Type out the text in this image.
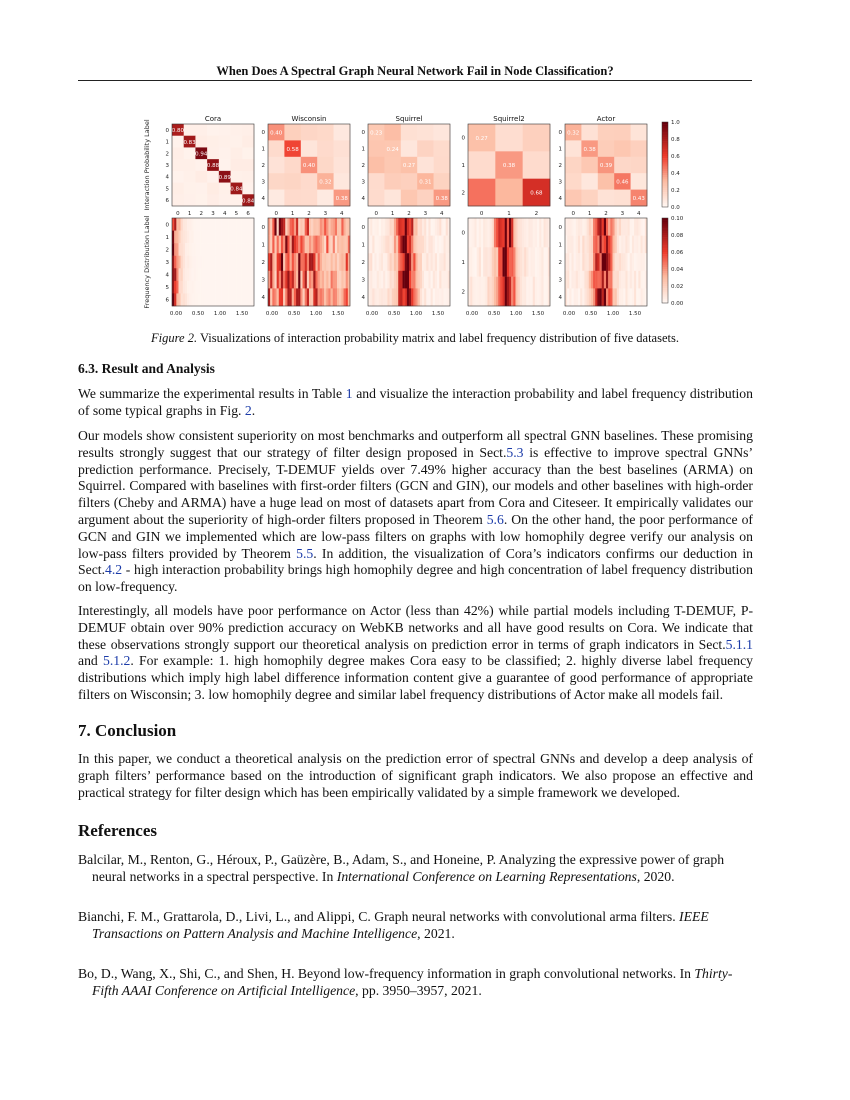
When Does A Spectral Graph Neural Network Fail in Node Classification?
Interaction Probability Label
Frequency Distribution Label
Cora
0.80
0.83
0.94
0.88
0.89
0.84
0.84
0
0
1
1
2
2
3
3
4
4
5
5
6
6
0
1
2
3
4
5
6
0.00 0.50 1.00 1.50
Wisconsin
0.40
0.58
0.40
0.32
0.38
0
0
1
1
2
2
3
3
4
4
0
1
2
3
4
0.00 0.50 1.00 1.50
Squirrel
0.23
0.24
0.27
0.31
0.38
0
0
1
1
2
2
3
3
4
4
0
1
2
3
4
0.00 0.50 1.00 1.50
Squirrel2
0.27
0.38
0.68
0
0
1
1
2
2
0
1
2
0.00 0.50 1.00 1.50
Actor
0.32
0.38
0.39
0.46
0.43
0
0
1
1
2
2
3
3
4
4
0
1
2
3
4
0.00 0.50 1.00 1.50
1.0
0.8
0.6
0.4
0.2
0.0
0.10
0.08
0.06
0.04
0.02
0.00
Figure 2. Visualizations of interaction probability matrix and label frequency distribution of five datasets.
6.3. Result and Analysis
We summarize the experimental results in Table 1 and visualize the interaction probability and label frequency distribution of some typical graphs in Fig. 2.
Our models show consistent superiority on most benchmarks and outperform all spectral GNN baselines. These promising results strongly suggest that our strategy of filter design proposed in Sect.5.3 is effective to improve spectral GNNs’ prediction performance. Precisely, T-DEMUF yields over 7.49% higher accuracy than the best baselines (ARMA) on Squirrel. Compared with baselines with first-order filters (GCN and GIN), our models and other baselines with high-order filters (Cheby and ARMA) have a huge lead on most of datasets apart from Cora and Citeseer. It empirically validates our argument about the superiority of high-order filters proposed in Theorem 5.6. On the other hand, the poor performance of GCN and GIN we implemented which are low-pass filters on graphs with low homophily degree verify our analysis on low-pass filters provided by Theorem 5.5. In addition, the visualization of Cora’s indicators confirms our deduction in Sect.4.2 - high interaction probability brings high homophily degree and high concentration of label frequency distribution on low-frequency.
Interestingly, all models have poor performance on Actor (less than 42%) while partial models including T-DEMUF, P-DEMUF obtain over 90% prediction accuracy on WebKB networks and all have good results on Cora. We indicate that these observations strongly support our theoretical analysis on prediction error in terms of graph indicators in Sect.5.1.1 and 5.1.2. For example: 1. high homophily degree makes Cora easy to be classified; 2. highly diverse label frequency distributions which imply high label difference information content give a guarantee of good performance of appropriate filters on Wisconsin; 3. low homophily degree and similar label frequency distributions of Actor make all models fail.
7. Conclusion
In this paper, we conduct a theoretical analysis on the prediction error of spectral GNNs and develop a deep analysis of graph filters’ performance based on the introduction of significant graph indicators. We also propose an effective and practical strategy for filter design which has been empirically validated by a simple framework we developed.
References
Balcilar, M., Renton, G., Héroux, P., Gaüzère, B., Adam, S., and Honeine, P. Analyzing the expressive power of graph neural networks in a spectral perspective. In International Conference on Learning Representations, 2020.
Bianchi, F. M., Grattarola, D., Livi, L., and Alippi, C. Graph neural networks with convolutional arma filters. IEEE Transactions on Pattern Analysis and Machine Intelligence, 2021.
Bo, D., Wang, X., Shi, C., and Shen, H. Beyond low-frequency information in graph convolutional networks. In Thirty-Fifth AAAI Conference on Artificial Intelligence, pp. 3950–3957, 2021.
